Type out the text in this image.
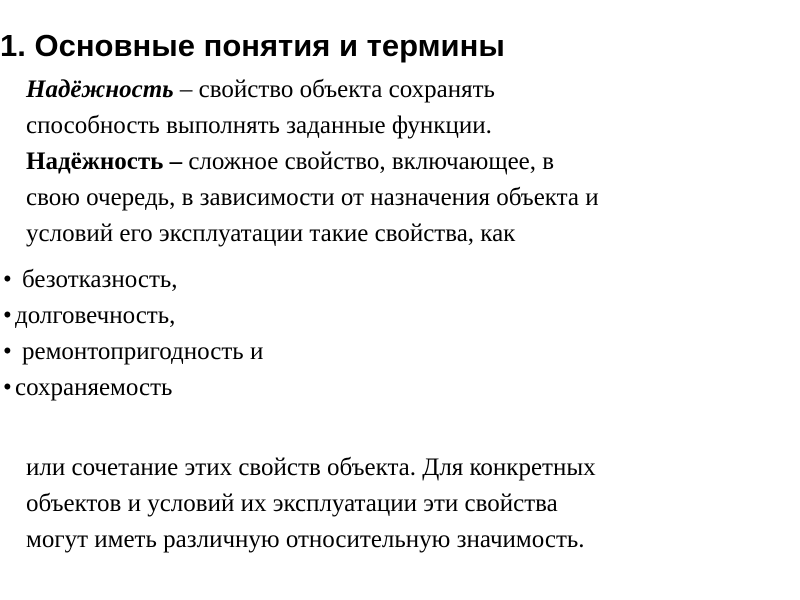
1. Основные понятия и термины
Надёжность – свойство объекта сохранять
способность выполнять заданные функции.
Надёжность – сложное свойство, включающее, в
свою очередь, в зависимости от назначения объекта и
условий его эксплуатации такие свойства, как
• безотказность,
• долговечность,
• ремонтопригодность и
• сохраняемость
или сочетание этих свойств объекта. Для конкретных
объектов и условий их эксплуатации эти свойства
могут иметь различную относительную значимость.
